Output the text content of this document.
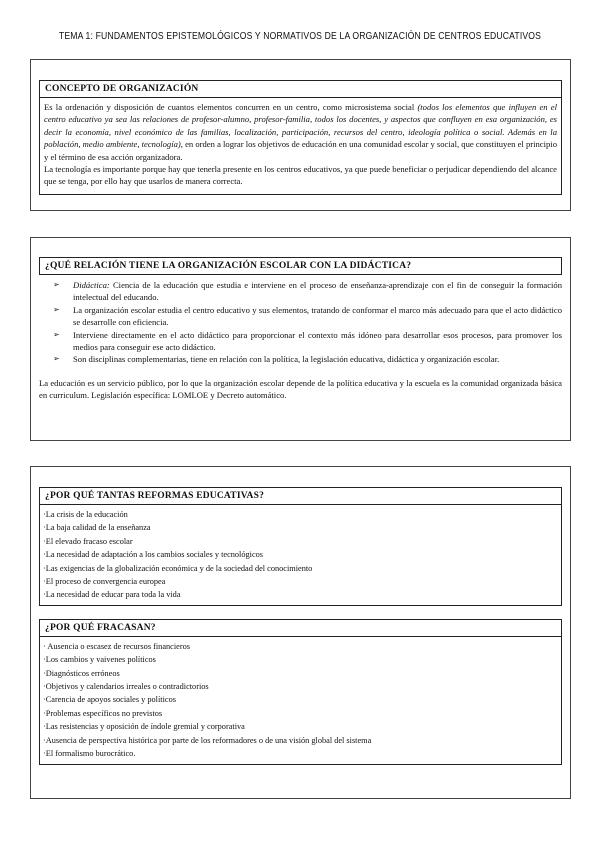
TEMA 1: FUNDAMENTOS EPISTEMOLÓGICOS Y NORMATIVOS DE LA ORGANIZACIÓN DE CENTROS EDUCATIVOS
CONCEPTO DE ORGANIZACIÓN

Es la ordenación y disposición de cuantos elementos concurren en un centro, como microsistema social (todos los elementos que influyen en el centro educativo ya sea las relaciones de profesor-alumno, profesor-familia, todos los docentes, y aspectos que confluyen en esa organización, es decir la economía, nivel económico de las familias, localización, participación, recursos del centro, ideología política o social. Además en la población, medio ambiente, tecnología), en orden a lograr los objetivos de educación en una comunidad escolar y social, que constituyen el principio y el término de esa acción organizadora.

La tecnología es importante porque hay que tenerla presente en los centros educativos, ya que puede beneficiar o perjudicar dependiendo del alcance que se tenga, por ello hay que usarlos de manera correcta.

¿QUÉ RELACIÓN TIENE LA ORGANIZACIÓN ESCOLAR CON LA DIDÁCTICA?
➢ Didáctica: Ciencia de la educación que estudia e interviene en el proceso de enseñanza-aprendizaje con el fin de conseguir la formación intelectual del educando.
➢ La organización escolar estudia el centro educativo y sus elementos, tratando de conformar el marco más adecuado para que el acto didáctico se desarrolle con eficiencia.
➢ Interviene directamente en el acto didáctico para proporcionar el contexto más idóneo para desarrollar esos procesos, para promover los medios para conseguir ese acto didáctico.
➢ Son disciplinas complementarias, tiene en relación con la política, la legislación educativa, didáctica y organización escolar.

La educación es un servicio público, por lo que la organización escolar depende de la política educativa y la escuela es la comunidad organizada básica en curriculum. Legislación específica: LOMLOE y Decreto automático.

¿POR QUÉ TANTAS REFORMAS EDUCATIVAS?
·La crisis de la educación
·La baja calidad de la enseñanza
·El elevado fracaso escolar
·La necesidad de adaptación a los cambios sociales y tecnológicos
·Las exigencias de la globalización económica y de la sociedad del conocimiento
·El proceso de convergencia europea
·La necesidad de educar para toda la vida
¿POR QUÉ FRACASAN?
· Ausencia o escasez de recursos financieros
·Los cambios y vaivenes políticos
·Diagnósticos erróneos
·Objetivos y calendarios irreales o contradictorios
·Carencia de apoyos sociales y políticos
·Problemas específicos no previstos
·Las resistencias y oposición de índole gremial y corporativa
·Ausencia de perspectiva histórica por parte de los reformadores o de una visión global del sistema
·El formalismo burocrático.
